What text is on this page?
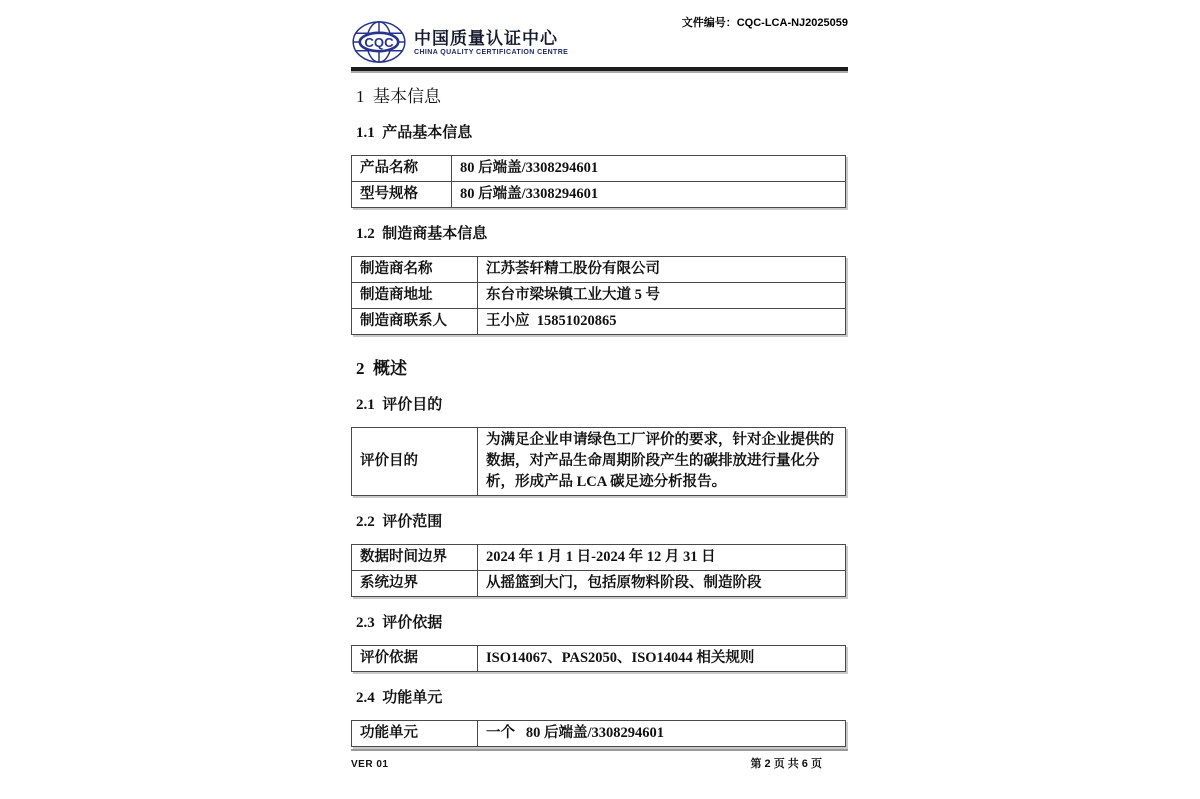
CQC 中国质量认证中心
CHINA QUALITY CERTIFICATION CENTRE

文件编号：CQC-LCA-NJ2025059

1  基本信息
1.1  产品基本信息
产品名称	80 后端盖/3308294601
型号规格	80 后端盖/3308294601
1.2  制造商基本信息
制造商名称	江苏荟轩精工股份有限公司
制造商地址	东台市梁垛镇工业大道 5 号
制造商联系人	王小应  15851020865
2  概述
2.1  评价目的
评价目的	为满足企业申请绿色工厂评价的要求，针对企业提供的数据，对产品生命周期阶段产生的碳排放进行量化分析，形成产品 LCA 碳足迹分析报告。
2.2  评价范围
数据时间边界	2024 年 1 月 1 日-2024 年 12 月 31 日
系统边界	从摇篮到大门，包括原物料阶段、制造阶段
2.3  评价依据
评价依据	ISO14067、PAS2050、ISO14044 相关规则
2.4  功能单元
功能单元	一个   80 后端盖/3308294601
VER 01	第 2 页 共 6 页
